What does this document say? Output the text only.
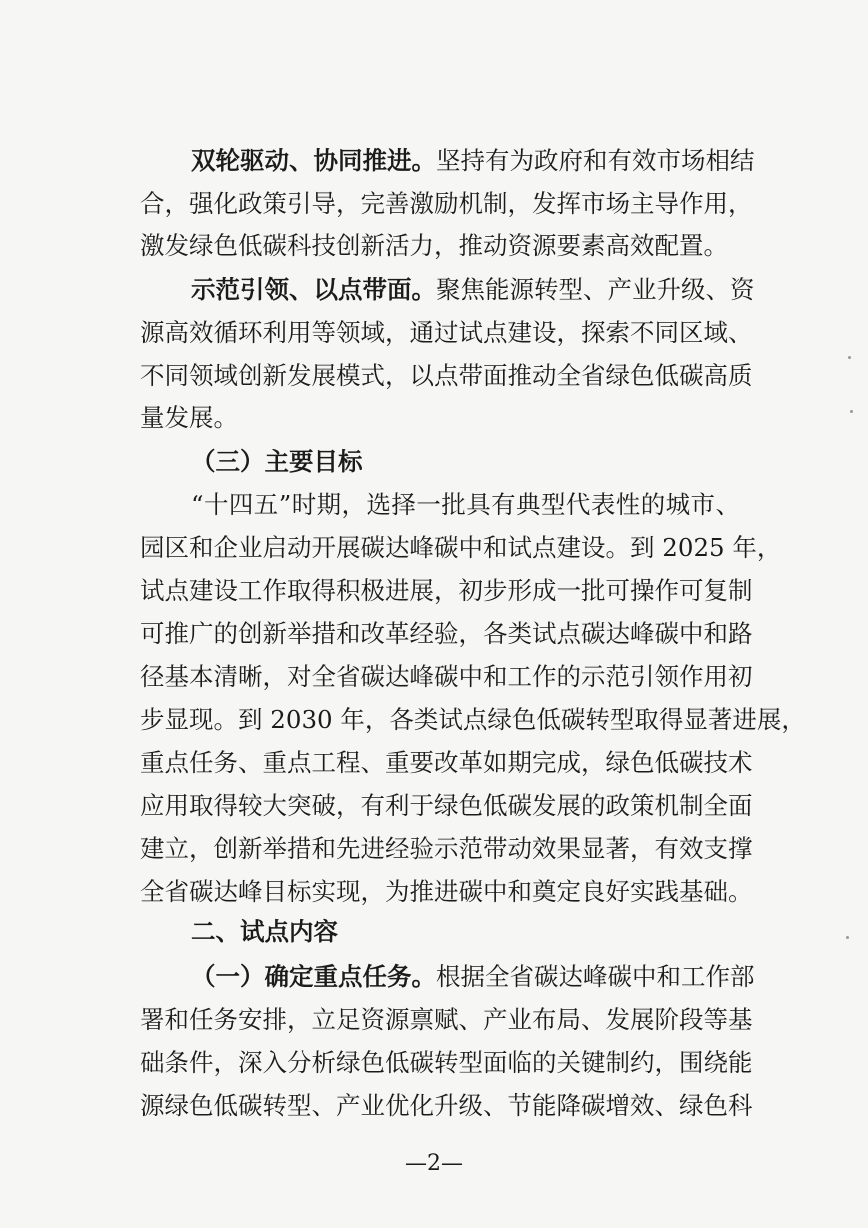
双轮驱动、协同推进。坚持有为政府和有效市场相结
合，强化政策引导，完善激励机制，发挥市场主导作用，
激发绿色低碳科技创新活力，推动资源要素高效配置。
示范引领、以点带面。聚焦能源转型、产业升级、资
源高效循环利用等领域，通过试点建设，探索不同区域、
不同领域创新发展模式，以点带面推动全省绿色低碳高质
量发展。
（三）主要目标
“十四五”时期，选择一批具有典型代表性的城市、
园区和企业启动开展碳达峰碳中和试点建设。到 2025 年，
试点建设工作取得积极进展，初步形成一批可操作可复制
可推广的创新举措和改革经验，各类试点碳达峰碳中和路
径基本清晰，对全省碳达峰碳中和工作的示范引领作用初
步显现。到 2030 年，各类试点绿色低碳转型取得显著进展，
重点任务、重点工程、重要改革如期完成，绿色低碳技术
应用取得较大突破，有利于绿色低碳发展的政策机制全面
建立，创新举措和先进经验示范带动效果显著，有效支撑
全省碳达峰目标实现，为推进碳中和奠定良好实践基础。
二、试点内容
（一）确定重点任务。根据全省碳达峰碳中和工作部
署和任务安排，立足资源禀赋、产业布局、发展阶段等基
础条件，深入分析绿色低碳转型面临的关键制约，围绕能
源绿色低碳转型、产业优化升级、节能降碳增效、绿色科
—2—
